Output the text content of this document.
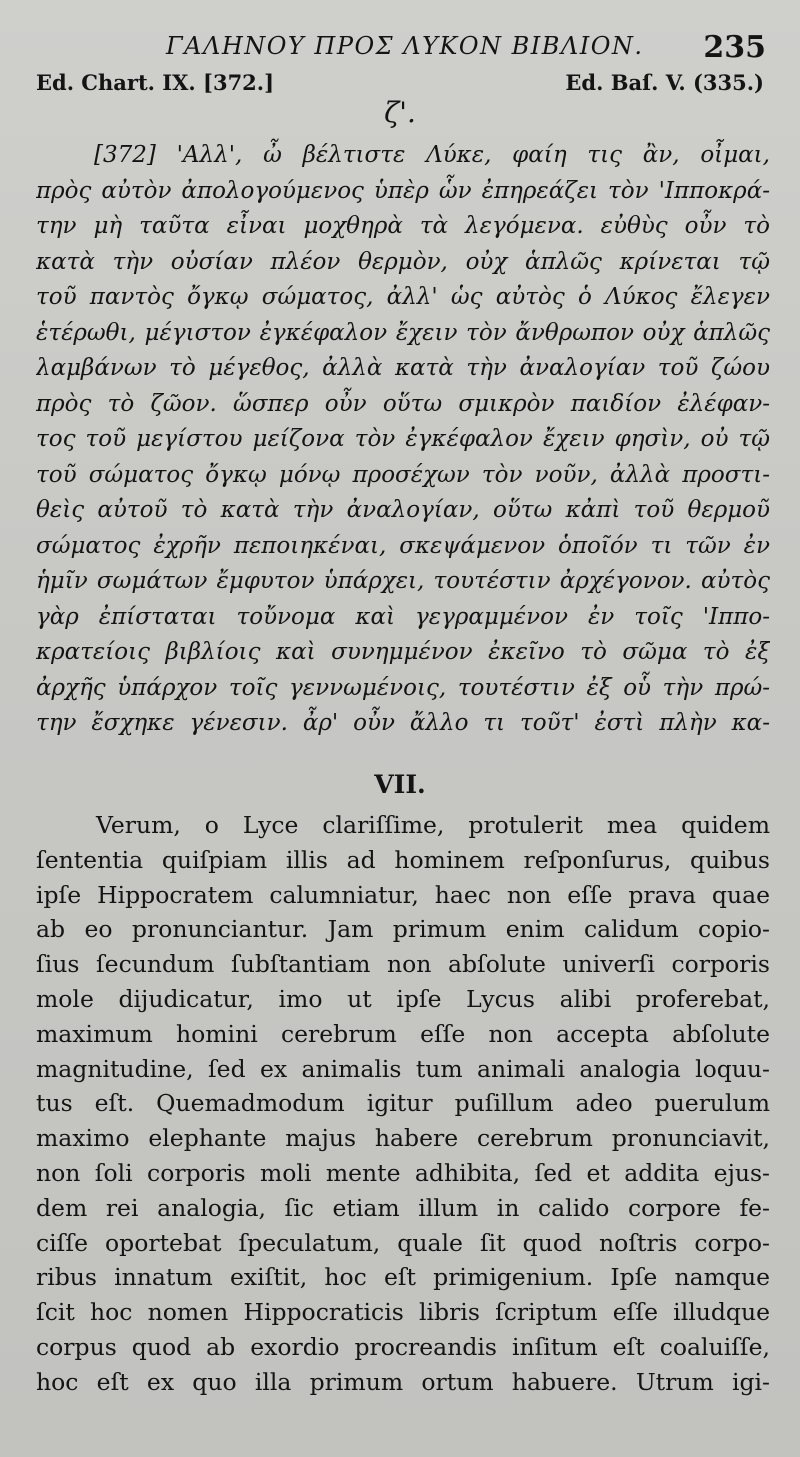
ΓΑΛΗΝΟΥ ΠΡΟΣ ΛΥΚΟΝ ΒΙΒΛΙΟΝ. 235
Ed. Chart. IX. [372.]	Ed. Baſ. V. (335.)
ζ'.
[372] 'Αλλ', ὦ βέλτιστε Λύκε, φαίη τις ἂν, οἶμαι,
πρὸς αὐτὸν ἀπολογούμενος ὑπὲρ ὧν ἐπηρεάζει τὸν 'Ιπποκρά-
την μὴ ταῦτα εἶναι μοχθηρὰ τὰ λεγόμενα. εὐθὺς οὖν τὸ
κατὰ τὴν οὐσίαν πλέον θερμὸν, οὐχ ἁπλῶς κρίνεται τῷ
τοῦ παντὸς ὄγκῳ σώματος, ἀλλ' ὡς αὐτὸς ὁ Λύκος ἔλεγεν
ἑτέρωθι, μέγιστον ἐγκέφαλον ἔχειν τὸν ἄνθρωπον οὐχ ἁπλῶς
λαμβάνων τὸ μέγεθος, ἀλλὰ κατὰ τὴν ἀναλογίαν τοῦ ζώου
πρὸς τὸ ζῶον. ὥσπερ οὖν οὕτω σμικρὸν παιδίον ἐλέφαν-
τος τοῦ μεγίστου μείζονα τὸν ἐγκέφαλον ἔχειν φησὶν, οὐ τῷ
τοῦ σώματος ὄγκῳ μόνῳ προσέχων τὸν νοῦν, ἀλλὰ προστι-
θεὶς αὐτοῦ τὸ κατὰ τὴν ἀναλογίαν, οὕτω κἀπὶ τοῦ θερμοῦ
σώματος ἐχρῆν πεποιηκέναι, σκεψάμενον ὁποῖόν τι τῶν ἐν
ἡμῖν σωμάτων ἔμφυτον ὑπάρχει, τουτέστιν ἀρχέγονον. αὐτὸς
γὰρ ἐπίσταται τοὔνομα καὶ γεγραμμένον ἐν τοῖς 'Ιππο-
κρατείοις βιβλίοις καὶ συνημμένον ἐκεῖνο τὸ σῶμα τὸ ἐξ
ἀρχῆς ὑπάρχον τοῖς γεννωμένοις, τουτέστιν ἐξ οὗ τὴν πρώ-
την ἔσχηκε γένεσιν. ἆρ' οὖν ἄλλο τι τοῦτ' ἐστὶ πλὴν κα-
VII.
Verum, o Lyce clariſſime, protulerit mea quidem
ſententia quiſpiam illis ad hominem reſponſurus, quibus
ipſe Hippocratem calumniatur, haec non eſſe prava quae
ab eo pronunciantur. Jam primum enim calidum copio-
ſius ſecundum ſubſtantiam non abſolute univerſi corporis
mole dijudicatur, imo ut ipſe Lycus alibi proferebat,
maximum homini cerebrum eſſe non accepta abſolute
magnitudine, ſed ex animalis tum animali analogia loquu-
tus eſt. Quemadmodum igitur puſillum adeo puerulum
maximo elephante majus habere cerebrum pronunciavit,
non ſoli corporis moli mente adhibita, ſed et addita ejus-
dem rei analogia, ſic etiam illum in calido corpore fe-
ciſſe oportebat ſpeculatum, quale ſit quod noſtris corpo-
ribus innatum exiſtit, hoc eſt primigenium. Ipſe namque
ſcit hoc nomen Hippocraticis libris ſcriptum eſſe illudque
corpus quod ab exordio procreandis inſitum eſt coaluiſſe,
hoc eſt ex quo illa primum ortum habuere. Utrum igi-
